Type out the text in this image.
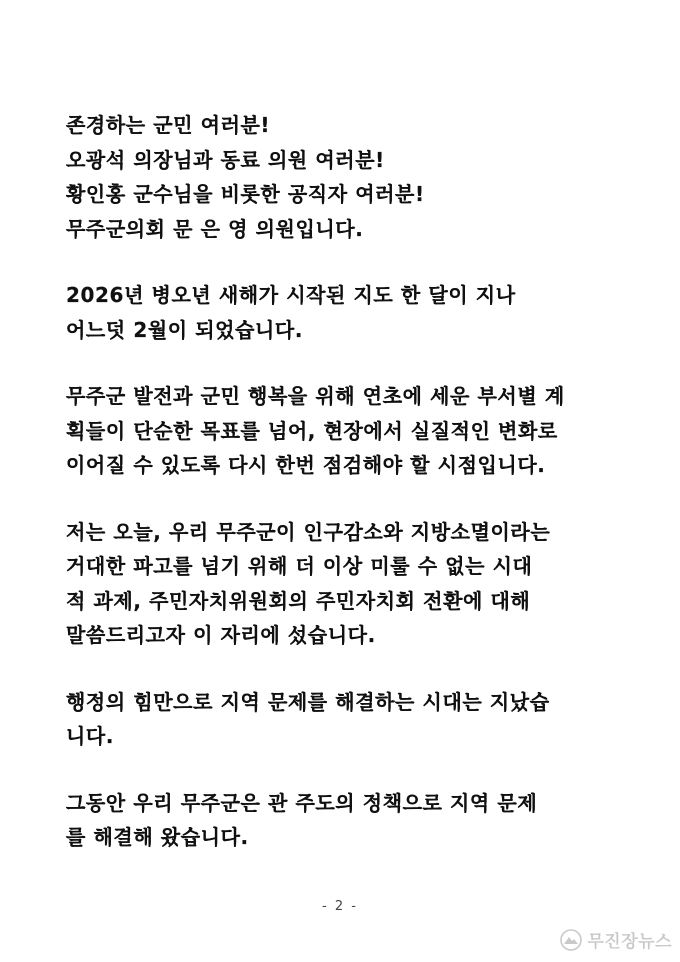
존경하는 군민 여러분!
오광석 의장님과 동료 의원 여러분!
황인홍 군수님을 비롯한 공직자 여러분!
무주군의회 문 은 영 의원입니다.
2026년 병오년 새해가 시작된 지도 한 달이 지나
어느덧 2월이 되었습니다.
무주군 발전과 군민 행복을 위해 연초에 세운 부서별 계
획들이 단순한 목표를 넘어, 현장에서 실질적인 변화로
이어질 수 있도록 다시 한번 점검해야 할 시점입니다.
저는 오늘, 우리 무주군이 인구감소와 지방소멸이라는
거대한 파고를 넘기 위해 더 이상 미룰 수 없는 시대
적 과제, 주민자치위원회의 주민자치회 전환에 대해
말씀드리고자 이 자리에 섰습니다.
행정의 힘만으로 지역 문제를 해결하는 시대는 지났습
니다.
그동안 우리 무주군은 관 주도의 정책으로 지역 문제
를 해결해 왔습니다.
- 2 -
무진장뉴스
